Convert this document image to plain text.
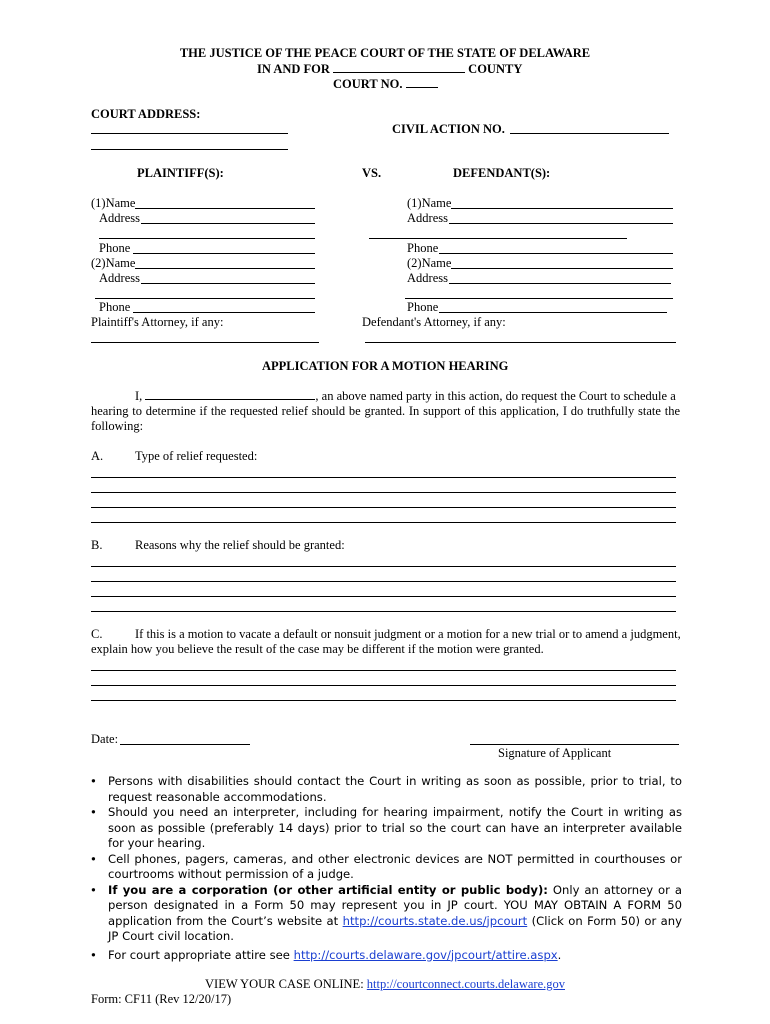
THE JUSTICE OF THE PEACE COURT OF THE STATE OF DELAWARE
IN AND FOR	COUNTY
COURT NO.
COURT ADDRESS:
CIVIL ACTION NO.
PLAINTIFF(S):	VS.	DEFENDANT(S):
(1)Name
Address
Phone
(2)Name
Address
Phone
Plaintiff's Attorney, if any:
(1)Name
Address
Phone
(2)Name
Address
Phone
Defendant's Attorney, if any:
APPLICATION FOR A MOTION HEARING
I,	, an above named party in this action, do request the Court to schedule a
hearing to determine if the requested relief should be granted. In support of this application, I do truthfully state the following:
A.	Type of relief requested:
B.	Reasons why the relief should be granted:
C.	If this is a motion to vacate a default or nonsuit judgment or a motion for a new trial or to amend a judgment,
explain how you believe the result of the case may be different if the motion were granted.
Date:
Signature of Applicant
• Persons with disabilities should contact the Court in writing as soon as possible, prior to trial, to request reasonable accommodations.
• Should you need an interpreter, including for hearing impairment, notify the Court in writing as soon as possible (preferably 14 days) prior to trial so the court can have an interpreter available for your hearing.
• Cell phones, pagers, cameras, and other electronic devices are NOT permitted in courthouses or courtrooms without permission of a judge.
• If you are a corporation (or other artificial entity or public body): Only an attorney or a person designated in a Form 50 may represent you in JP court. YOU MAY OBTAIN A FORM 50 application from the Court’s website at http://courts.state.de.us/jpcourt (Click on Form 50) or any JP Court civil location.
• For court appropriate attire see http://courts.delaware.gov/jpcourt/attire.aspx.
VIEW YOUR CASE ONLINE: http://courtconnect.courts.delaware.gov
Form: CF11 (Rev 12/20/17)
